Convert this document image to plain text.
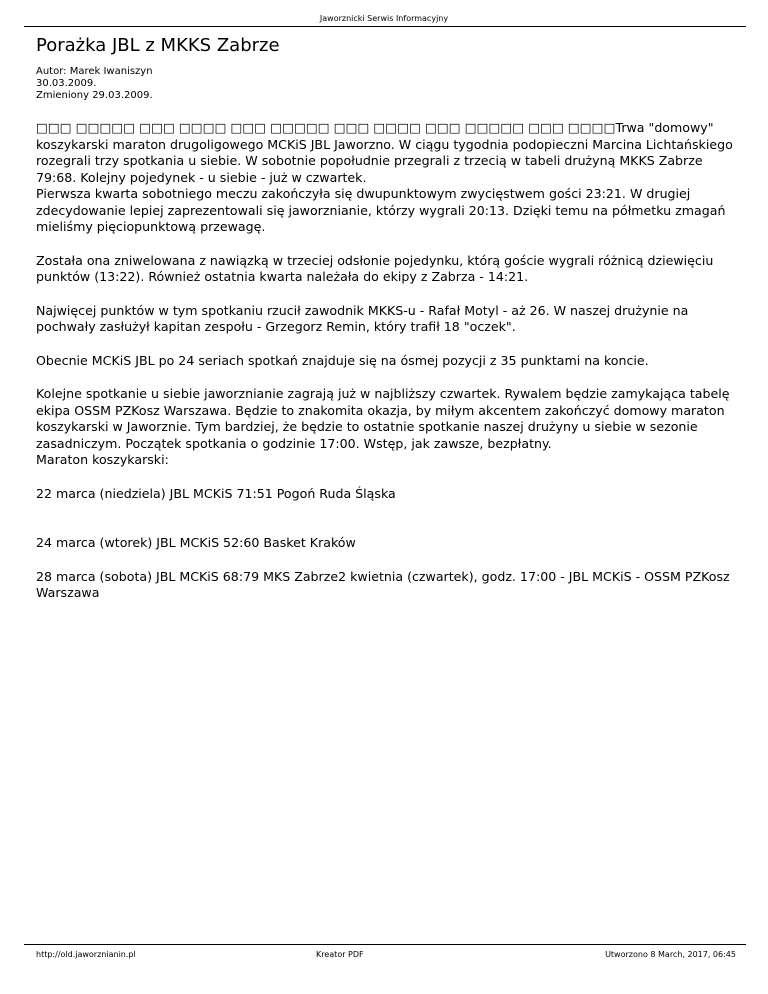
Jaworznicki Serwis Informacyjny
Porażka JBL z MKKS Zabrze
Autor: Marek Iwaniszyn
30.03.2009.
Zmieniony 29.03.2009.

□□□ □□□□□ □□□ □□□□ □□□ □□□□□ □□□ □□□□ □□□ □□□□□ □□□ □□□□Trwa "domowy" koszykarski maraton drugoligowego MCKiS JBL Jaworzno. W ciągu tygodnia podopieczni Marcina Lichtańskiego rozegrali trzy spotkania u siebie. W sobotnie popołudnie przegrali z trzecią w tabeli drużyną MKKS Zabrze 79:68. Kolejny pojedynek - u siebie - już w czwartek.
Pierwsza kwarta sobotniego meczu zakończyła się dwupunktowym zwycięstwem gości 23:21. W drugiej zdecydowanie lepiej zaprezentowali się jaworznianie, którzy wygrali 20:13. Dzięki temu na półmetku zmagań mieliśmy pięciopunktową przewagę.

Została ona zniwelowana z nawiązką w trzeciej odsłonie pojedynku, którą goście wygrali różnicą dziewięciu punktów (13:22). Również ostatnia kwarta należała do ekipy z Zabrza - 14:21.

Najwięcej punktów w tym spotkaniu rzucił zawodnik MKKS-u - Rafał Motyl - aż 26. W naszej drużynie na pochwały zasłużył kapitan zespołu - Grzegorz Remin, który trafił 18 "oczek".

Obecnie MCKiS JBL po 24 seriach spotkań znajduje się na ósmej pozycji z 35 punktami na koncie.

Kolejne spotkanie u siebie jaworznianie zagrają już w najbliższy czwartek. Rywalem będzie zamykająca tabelę ekipa OSSM PZKosz Warszawa. Będzie to znakomita okazja, by miłym akcentem zakończyć domowy maraton koszykarski w Jaworznie. Tym bardziej, że będzie to ostatnie spotkanie naszej drużyny u siebie w sezonie zasadniczym. Początek spotkania o godzinie 17:00. Wstęp, jak zawsze, bezpłatny.
Maraton koszykarski:

22 marca (niedziela) JBL MCKiS 71:51 Pogoń Ruda Śląska

24 marca (wtorek) JBL MCKiS 52:60 Basket Kraków

28 marca (sobota) JBL MCKiS 68:79 MKS Zabrze2 kwietnia (czwartek), godz. 17:00 - JBL MCKiS - OSSM PZKosz Warszawa

http://old.jaworznianin.pl	Kreator PDF	Utworzono 8 March, 2017, 06:45
